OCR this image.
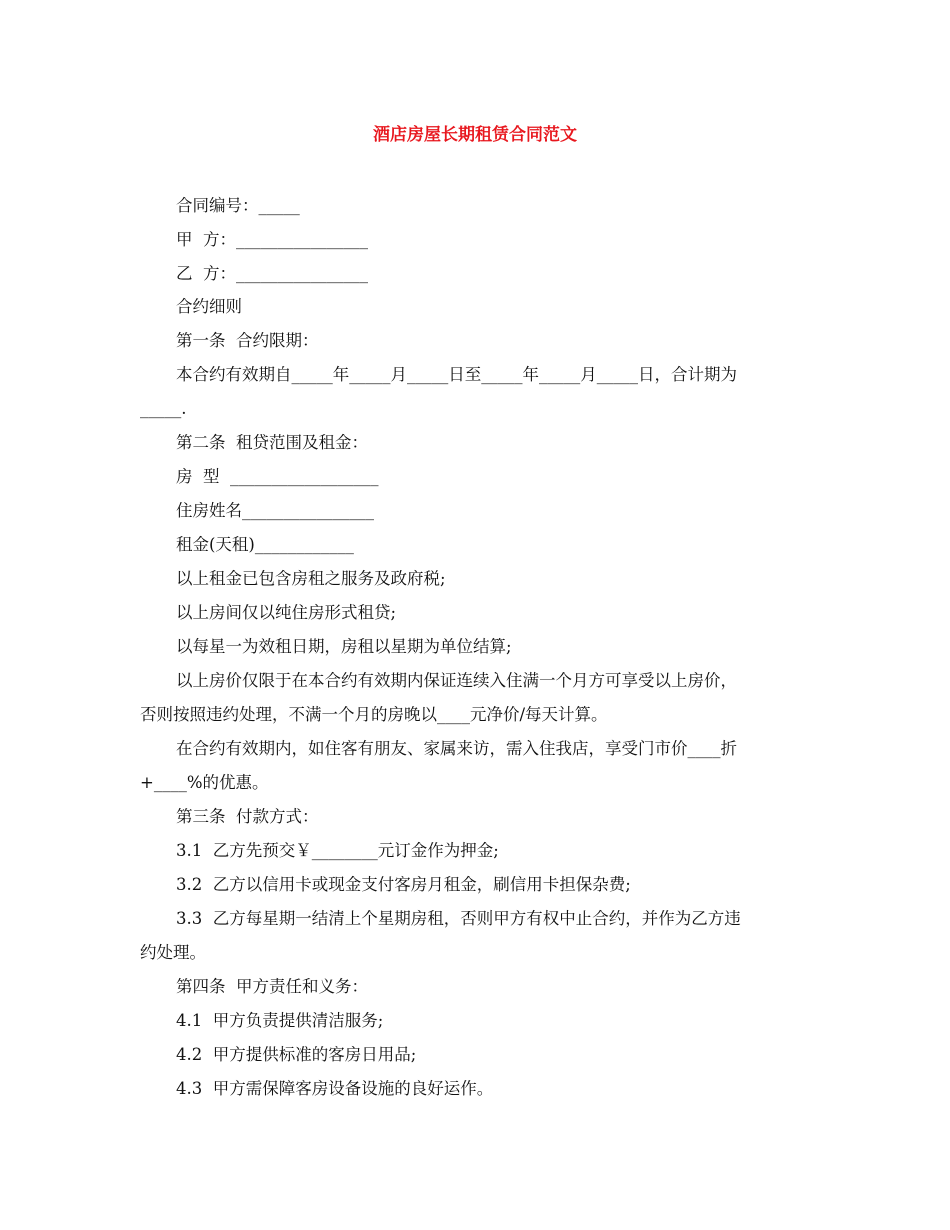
酒店房屋长期租赁合同范文
合同编号：_____
甲  方：________________
乙  方：________________
合约细则
第一条  合约限期：
本合约有效期自_____年_____月_____日至_____年_____月_____日，合计期为
_____.
第二条  租贷范围及租金：
房  型  __________________
住房姓名________________
租金(天租)____________
以上租金已包含房租之服务及政府税;
以上房间仅以纯住房形式租贷;
以每星一为效租日期，房租以星期为单位结算;
以上房价仅限于在本合约有效期内保证连续入住满一个月方可享受以上房价，
否则按照违约处理，不满一个月的房晚以____元净价/每天计算。
在合约有效期内，如住客有朋友、家属来访，需入住我店，享受门市价____折
+____%的优惠。
第三条  付款方式：
3.1  乙方先预交￥________元订金作为押金;
3.2  乙方以信用卡或现金支付客房月租金，刷信用卡担保杂费;
3.3  乙方每星期一结清上个星期房租，否则甲方有权中止合约，并作为乙方违
约处理。
第四条  甲方责任和义务：
4.1  甲方负责提供清洁服务;
4.2  甲方提供标准的客房日用品;
4.3  甲方需保障客房设备设施的良好运作。
